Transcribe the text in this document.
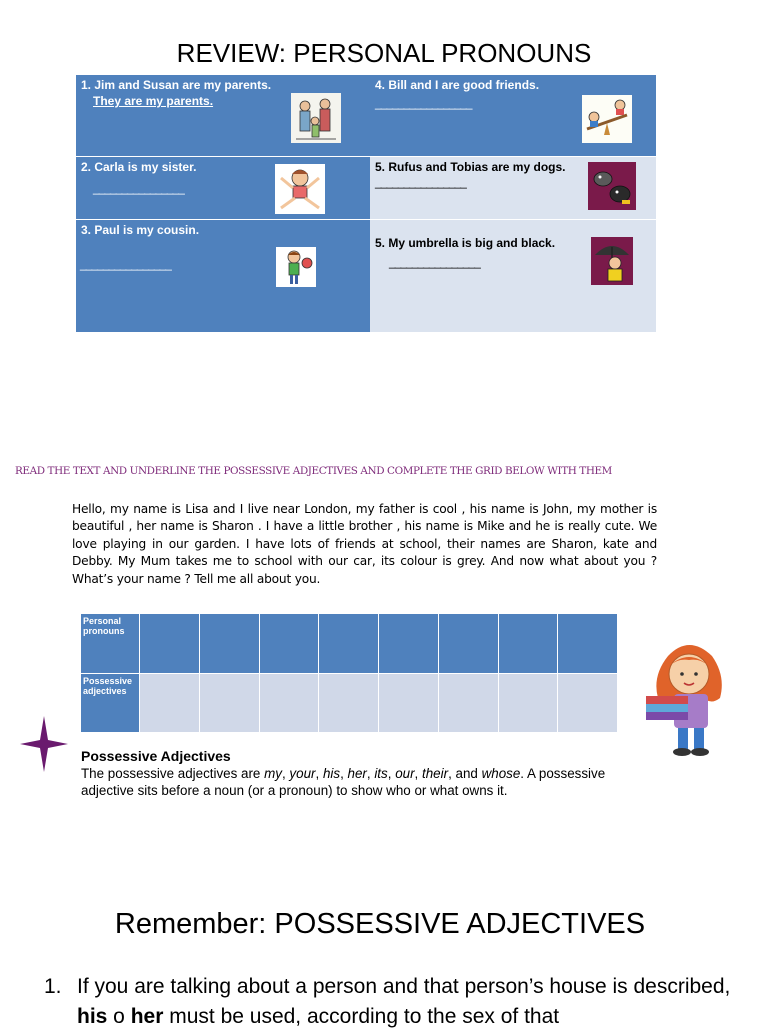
REVIEW: PERSONAL PRONOUNS
1. Jim and Susan are my parents.
They are my parents.
4. Bill and I are good friends.
_________________
2. Carla is my sister.
________________
5. Rufus and Tobias are my dogs.
________________
3. Paul is my cousin.
________________
5. My umbrella is big and black.
________________
READ THE TEXT AND UNDERLINE THE POSSESSIVE ADJECTIVES AND COMPLETE THE GRID BELOW WITH THEM
Hello, my name is Lisa and I live near London, my father is cool , his name is John, my mother is beautiful , her name is Sharon . I have a little brother , his name is Mike and he is really cute. We love playing in our garden. I have lots of friends at school, their names are Sharon, kate and Debby. My Mum takes me to school with our car, its colour is grey. And now what about you ? What’s your name ? Tell me all about you.
Personal pronouns								
Possessive adjectives								
Possessive Adjectives
The possessive adjectives are my, your, his, her, its, our, their, and whose. A possessive adjective sits before a noun (or a pronoun) to show who or what owns it.
Remember: POSSESSIVE ADJECTIVES
1. If you are talking about a person and that person’s house is described, his o her must be used, according to the sex of that
